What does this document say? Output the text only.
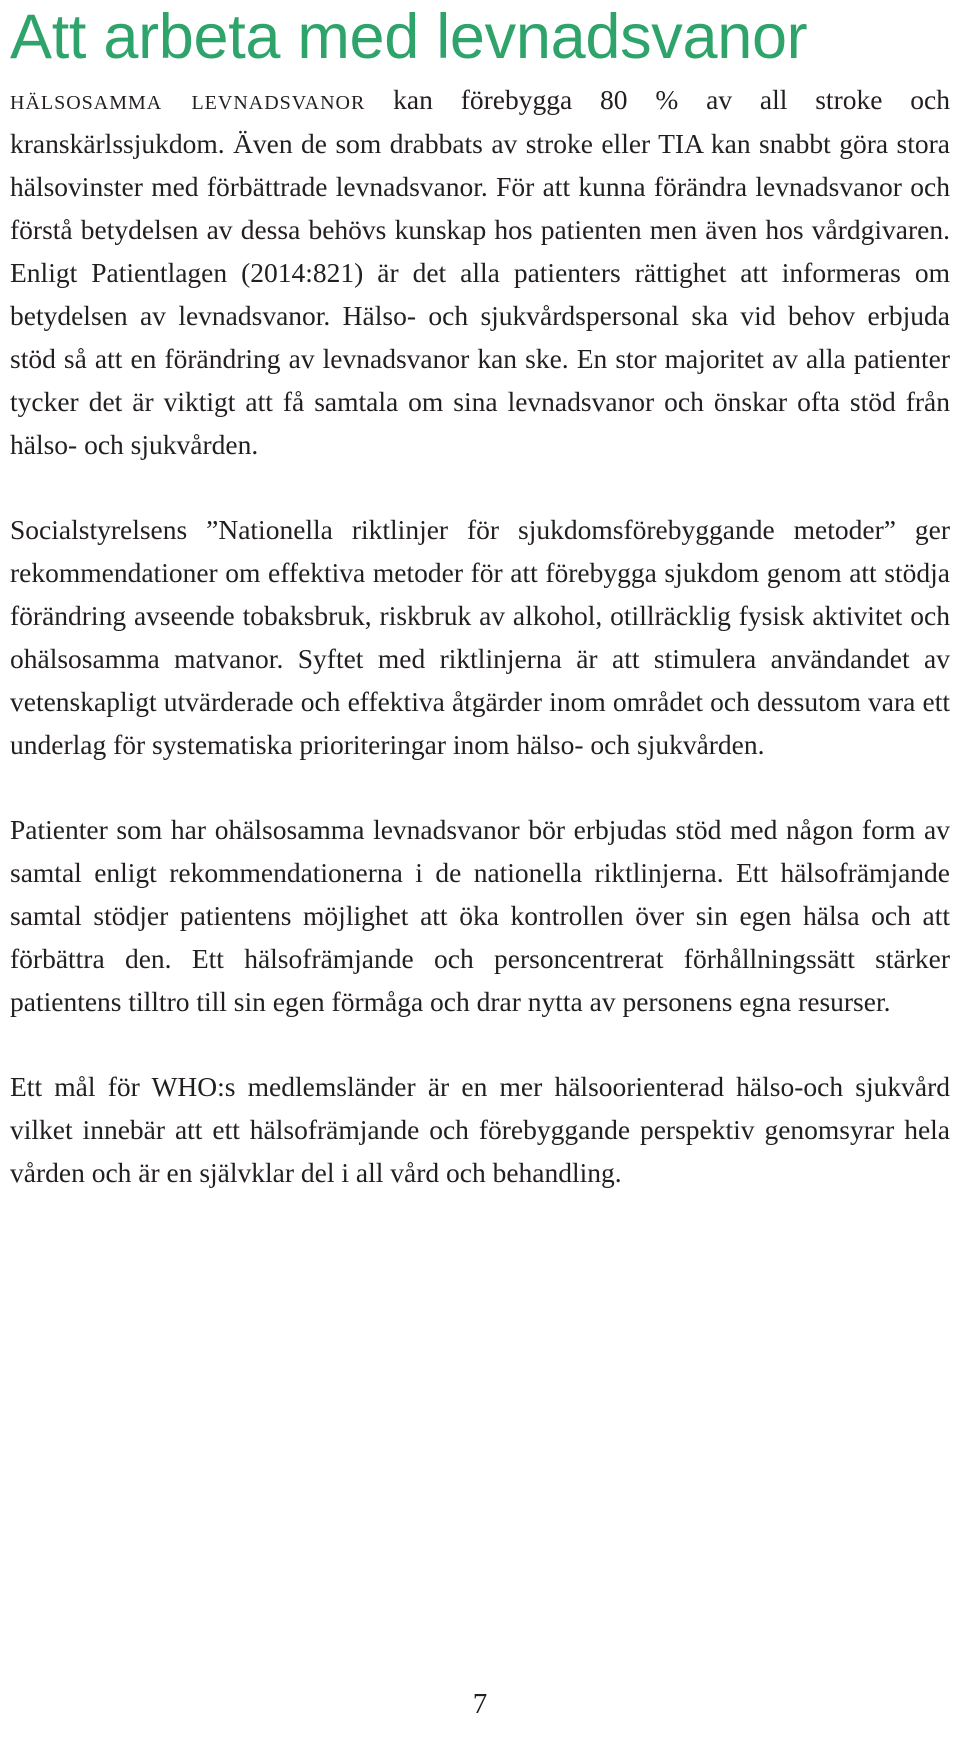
Att arbeta med levnadsvanor

hälsosamma levnadsvanor kan förebygga 80 % av all stroke och kranskärlssjukdom. Även de som drabbats av stroke eller TIA kan snabbt göra stora hälsovinster med förbättrade levnadsvanor. För att kunna förändra levnadsvanor och förstå betydelsen av dessa behövs kunskap hos patienten men även hos vårdgivaren. Enligt Patientlagen (2014:821) är det alla patienters rättighet att informeras om betydelsen av levnadsvanor. Hälso- och sjukvårdspersonal ska vid behov erbjuda stöd så att en förändring av levnadsvanor kan ske. En stor majoritet av alla patienter tycker det är viktigt att få samtala om sina levnadsvanor och önskar ofta stöd från hälso- och sjukvården.

Socialstyrelsens ”Nationella riktlinjer för sjukdomsförebyggande metoder” ger rekommendationer om effektiva metoder för att förebygga sjukdom genom att stödja förändring avseende tobaksbruk, riskbruk av alkohol, otillräcklig fysisk aktivitet och ohälsosamma matvanor. Syftet med riktlinjerna är att stimulera användandet av vetenskapligt utvärderade och effektiva åtgärder inom området och dessutom vara ett underlag för systematiska prioriteringar inom hälso- och sjukvården.

Patienter som har ohälsosamma levnadsvanor bör erbjudas stöd med någon form av samtal enligt rekommendationerna i de nationella riktlinjerna. Ett hälsofrämjande samtal stödjer patientens möjlighet att öka kontrollen över sin egen hälsa och att förbättra den. Ett hälsofrämjande och personcentrerat förhållningssätt stärker patientens tilltro till sin egen förmåga och drar nytta av personens egna resurser.

Ett mål för WHO:s medlemsländer är en mer hälsoorienterad hälso-och sjukvård vilket innebär att ett hälsofrämjande och förebyggande perspektiv genomsyrar hela vården och är en självklar del i all vård och behandling.

7
